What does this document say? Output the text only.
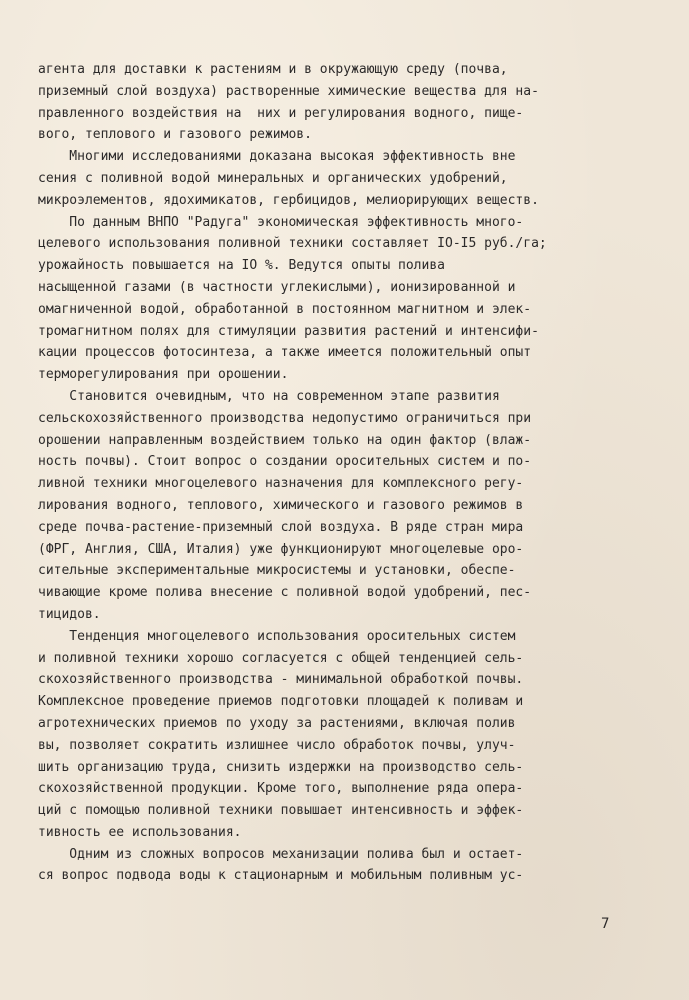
агента для доставки к растениям и в окружающую среду (почва,
приземный слой воздуха) растворенные химические вещества для на-
правленного воздействия на  них и регулирования водного, пище-
вого, теплового и газового режимов.
Многими исследованиями доказана высокая эффективность вне
сения с поливной водой минеральных и органических удобрений,
микроэлементов, ядохимикатов, гербицидов, мелиорирующих веществ.
По данным ВНПО "Радуга" экономическая эффективность много-
целевого использования поливной техники составляет IO-I5 руб./га;
урожайность повышается на IO %. Ведутся опыты полива
насыщенной газами (в частности углекислыми), ионизированной и
омагниченной водой, обработанной в постоянном магнитном и элек-
тромагнитном полях для стимуляции развития растений и интенсифи-
кации процессов фотосинтеза, а также имеется положительный опыт
терморегулирования при орошении.
Становится очевидным, что на современном этапе развития
сельскохозяйственного производства недопустимо ограничиться при
орошении направленным воздействием только на один фактор (влаж-
ность почвы). Стоит вопрос о создании оросительных систем и по-
ливной техники многоцелевого назначения для комплексного регу-
лирования водного, теплового, химического и газового режимов в
среде почва-растение-приземный слой воздуха. В ряде стран мира
(ФРГ, Англия, США, Италия) уже функционируют многоцелевые оро-
сительные экспериментальные микросистемы и установки, обеспе-
чивающие кроме полива внесение с поливной водой удобрений, пес-
тицидов.
Тенденция многоцелевого использования оросительных систем
и поливной техники хорошо согласуется с общей тенденцией сель-
скохозяйственного производства - минимальной обработкой почвы.
Комплексное проведение приемов подготовки площадей к поливам и
агротехнических приемов по уходу за растениями, включая полив
вы, позволяет сократить излишнее число обработок почвы, улуч-
шить организацию труда, снизить издержки на производство сель-
скохозяйственной продукции. Кроме того, выполнение ряда опера-
ций с помощью поливной техники повышает интенсивность и эффек-
тивность ее использования.
Одним из сложных вопросов механизации полива был и остает-
ся вопрос подвода воды к стационарным и мобильным поливным ус-
7
